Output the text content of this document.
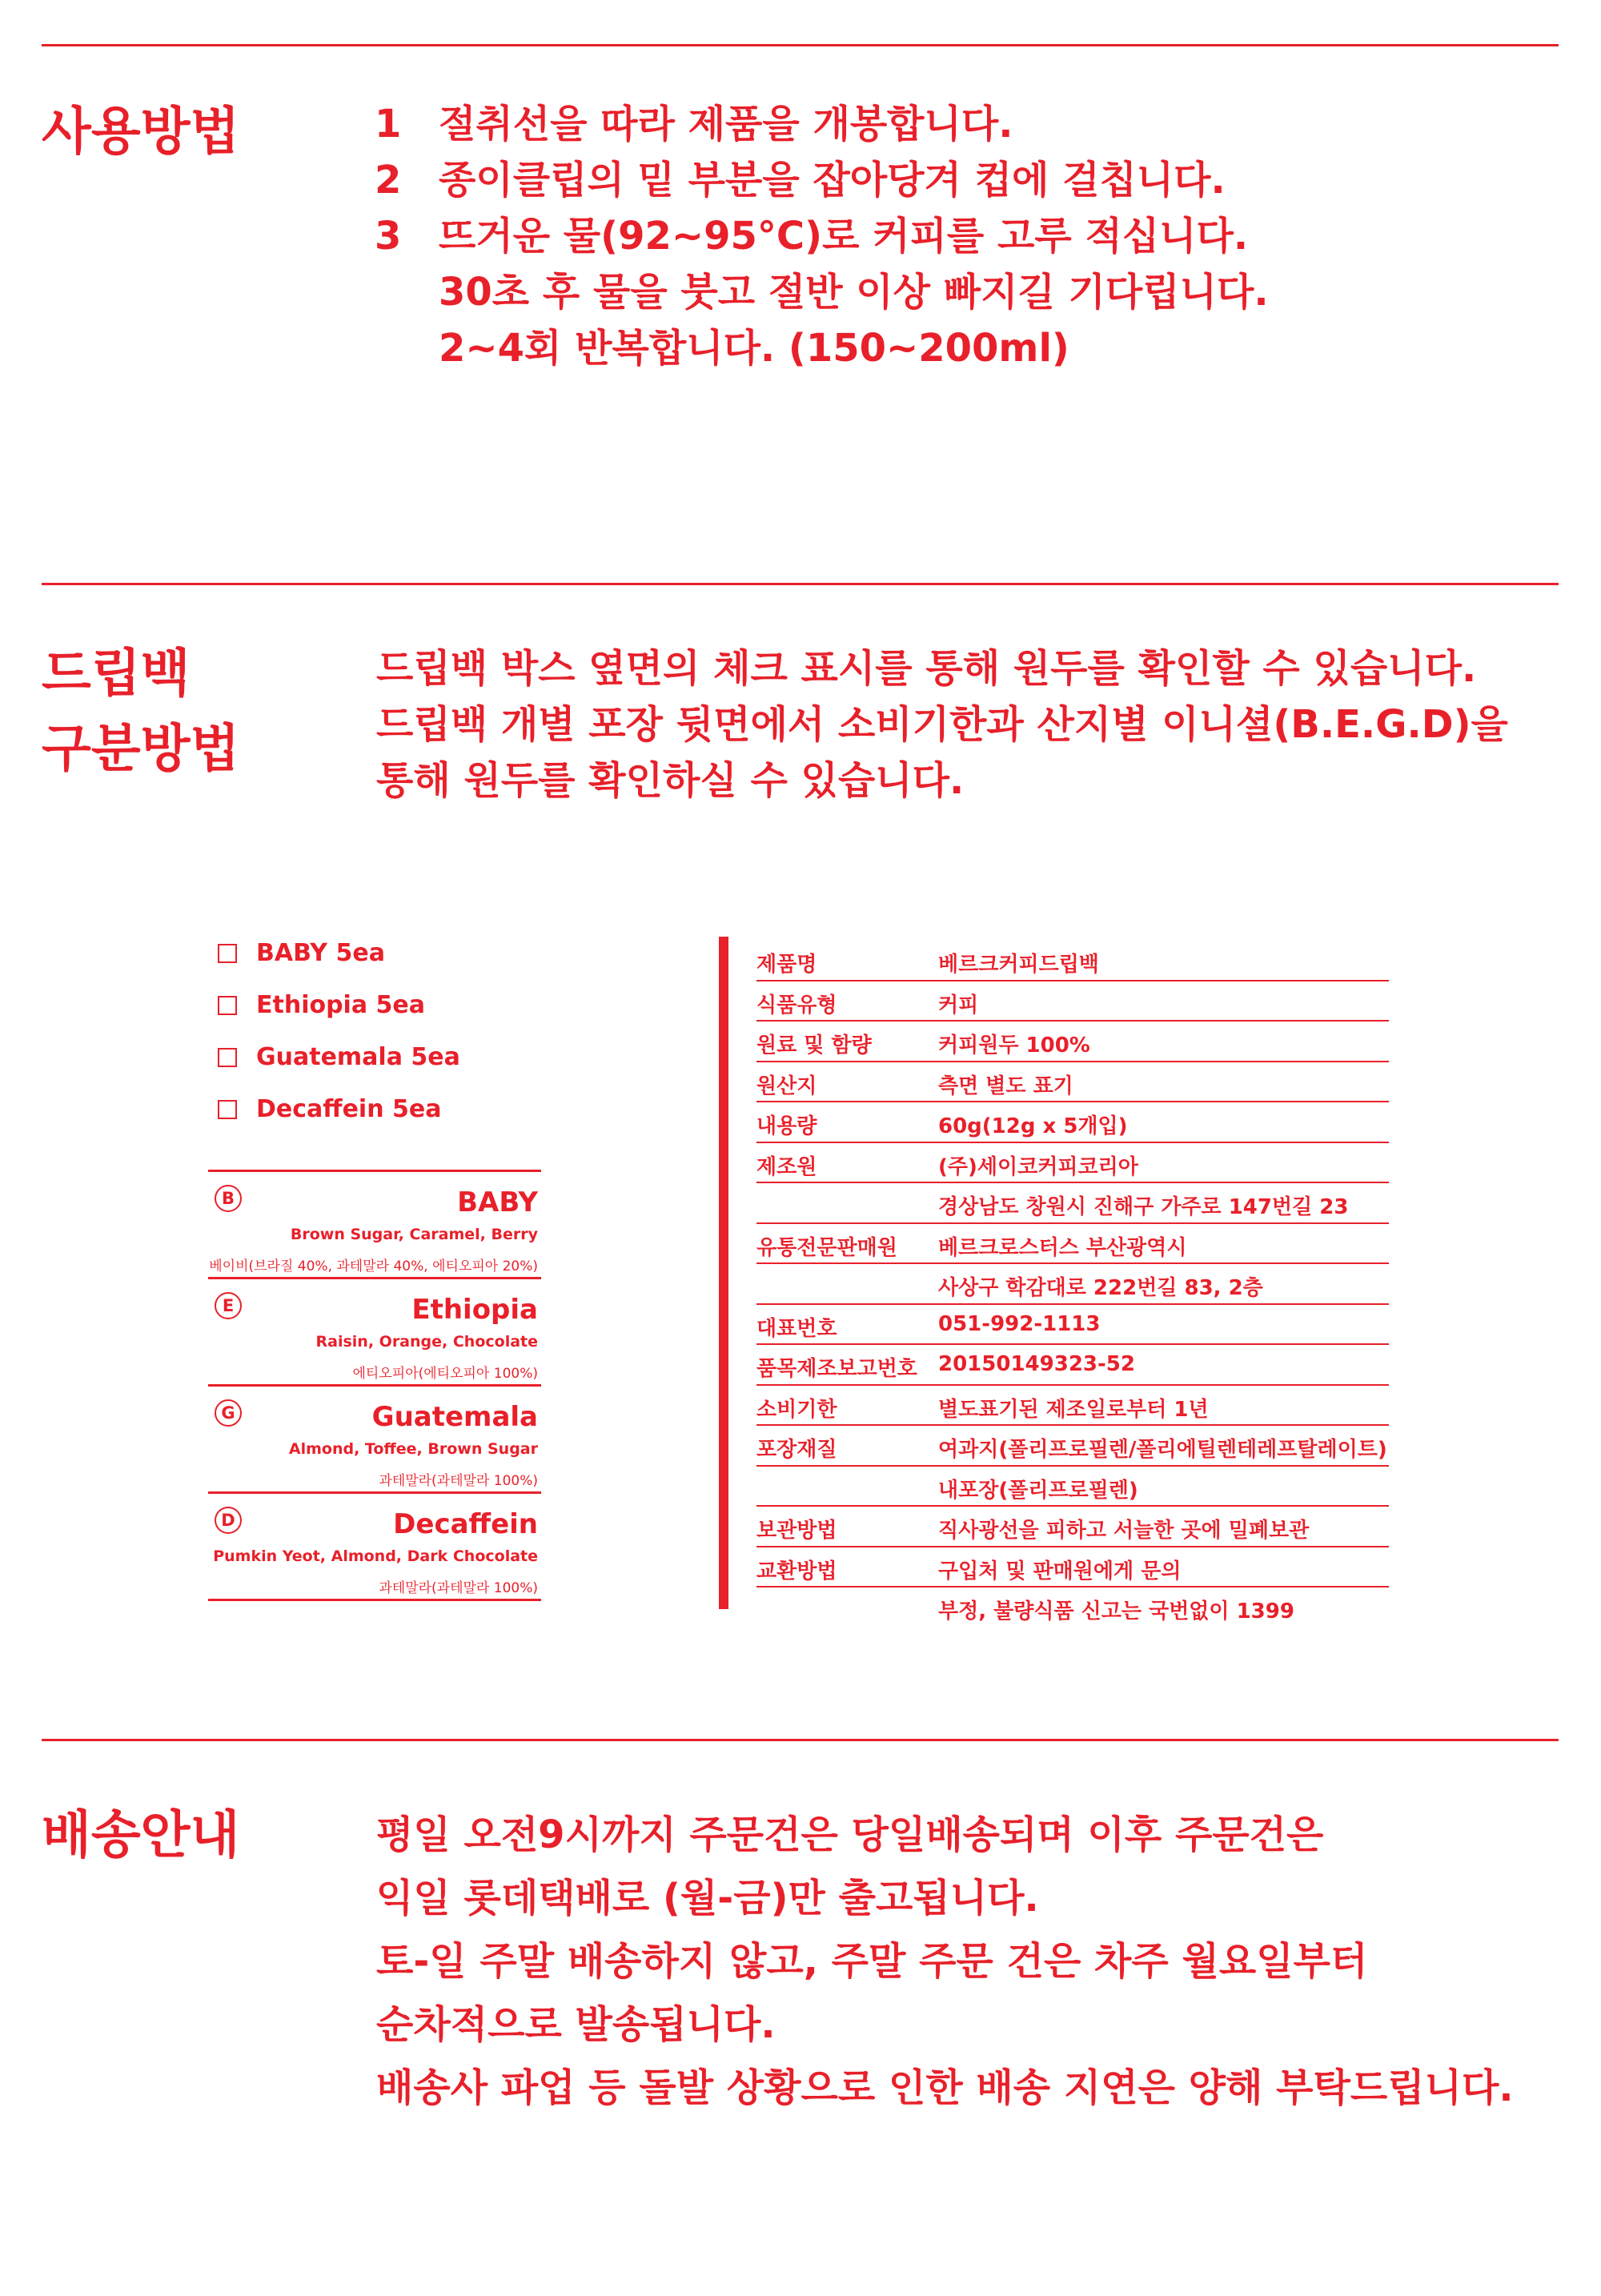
사용방법	1 절취선을 따라 제품을 개봉합니다.
2 종이클립의 밑 부분을 잡아당겨 컵에 걸칩니다.
3 뜨거운 물(92~95°C)로 커피를 고루 적십니다.
30초 후 물을 붓고 절반 이상 빠지길 기다립니다.
2~4회 반복합니다. (150~200ml)
드립백
구분방법
드립백 박스 옆면의 체크 표시를 통해 원두를 확인할 수 있습니다.
드립백 개별 포장 뒷면에서 소비기한과 산지별 이니셜(B.E.G.D)을
통해 원두를 확인하실 수 있습니다.
BABY 5ea
Ethiopia 5ea
Guatemala 5ea
Decaffein 5ea
B	BABY
Brown Sugar, Caramel, Berry
베이비(브라질 40%, 과테말라 40%, 에티오피아 20%)
E	Ethiopia
Raisin, Orange, Chocolate
에티오피아(에티오피아 100%)
G	Guatemala
Almond, Toffee, Brown Sugar
과테말라(과테말라 100%)
D	Decaffein
Pumkin Yeot, Almond, Dark Chocolate
과테말라(과테말라 100%)
제품명	베르크커피드립백
식품유형	커피
원료 및 함량	커피원두 100%
원산지	측면 별도 표기
내용량	60g(12g x 5개입)
제조원	(주)세이코커피코리아
경상남도 창원시 진해구 가주로 147번길 23
유통전문판매원 베르크로스터스 부산광역시
사상구 학감대로 222번길 83, 2층
대표번호	051-992-1113
품목제조보고번호 20150149323-52
소비기한	별도표기된 제조일로부터 1년
포장재질	여과지(폴리프로필렌/폴리에틸렌테레프탈레이트)
내포장(폴리프로필렌)
보관방법	직사광선을 피하고 서늘한 곳에 밀폐보관
교환방법	구입처 및 판매원에게 문의
부정, 불량식품 신고는 국번없이 1399
배송안내	평일 오전9시까지 주문건은 당일배송되며 이후 주문건은
익일 롯데택배로 (월-금)만 출고됩니다.
토-일 주말 배송하지 않고, 주말 주문 건은 차주 월요일부터
순차적으로 발송됩니다.
배송사 파업 등 돌발 상황으로 인한 배송 지연은 양해 부탁드립니다.
